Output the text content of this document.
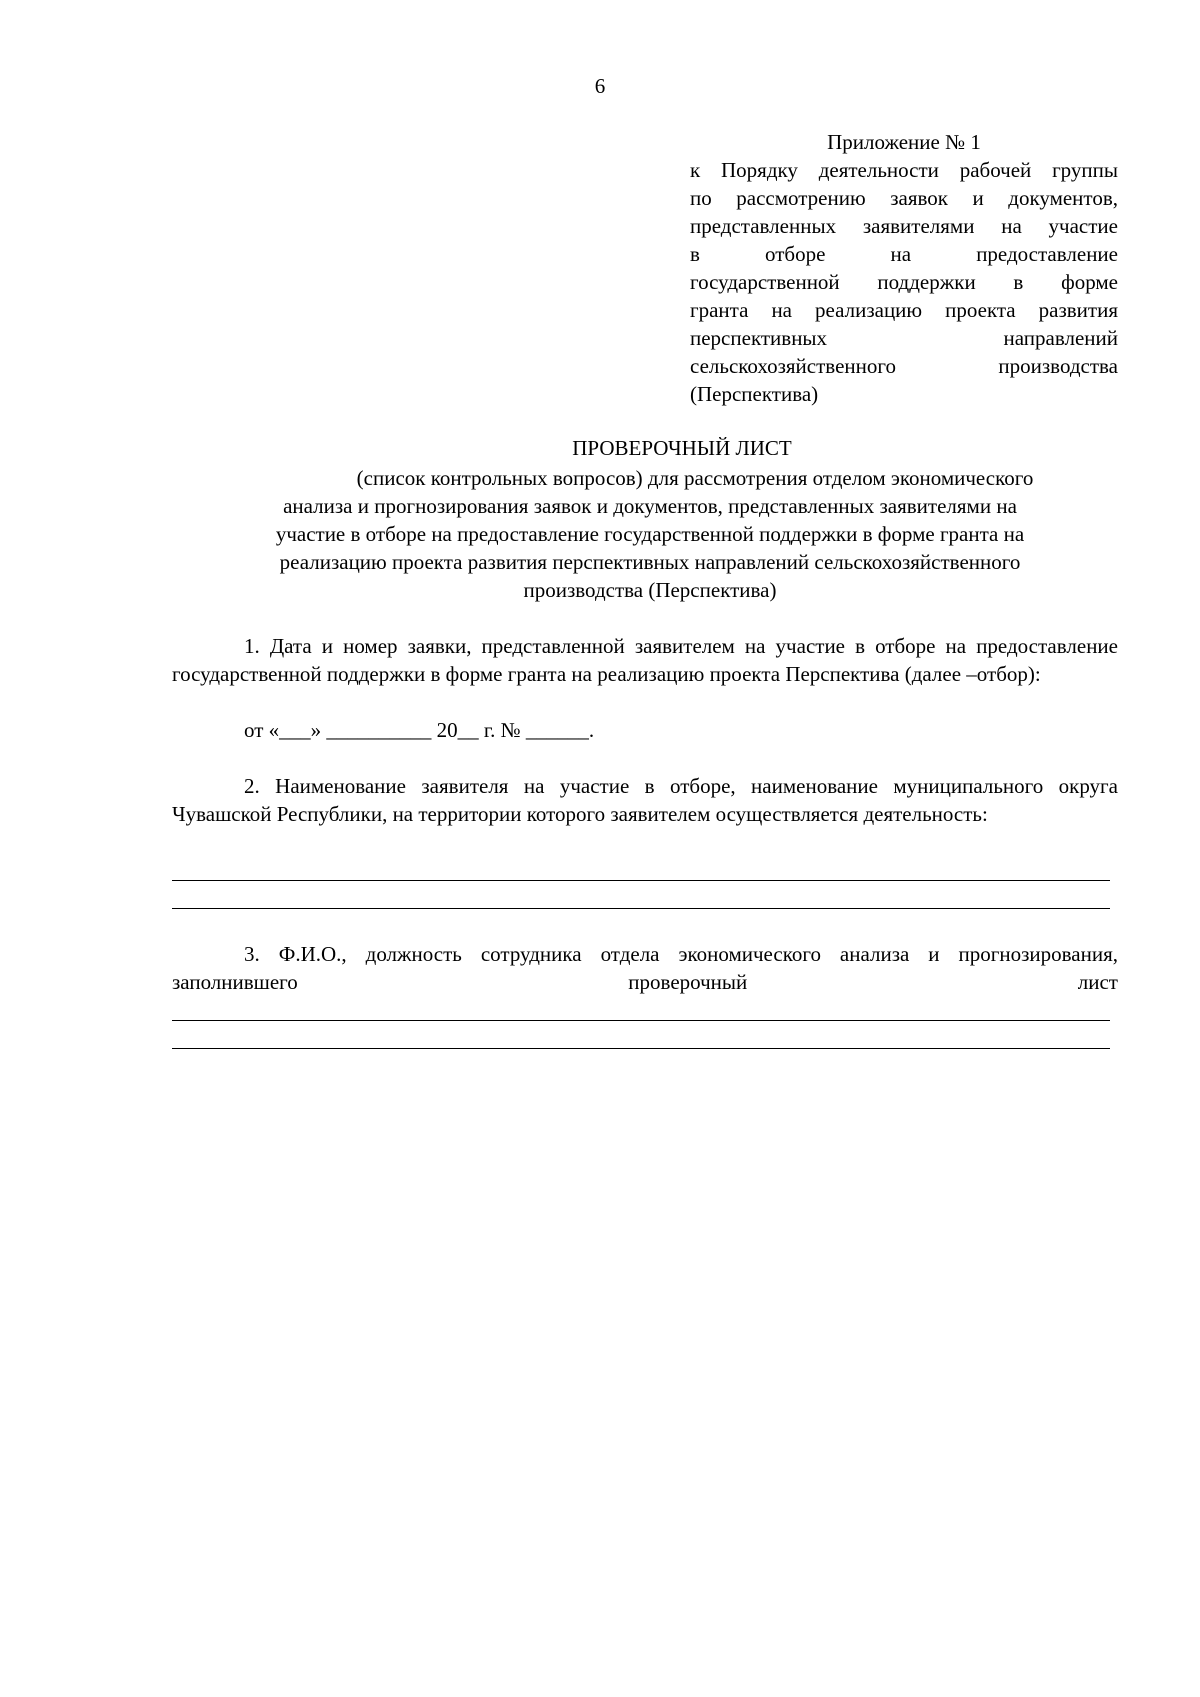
6
Приложение № 1
к Порядку деятельности рабочей группы
по рассмотрению заявок и документов,
представленных заявителями на участие
в отборе на предоставление
государственной поддержки в форме
гранта на реализацию проекта развития
перспективных направлений
сельскохозяйственного производства
(Перспектива)
ПРОВЕРОЧНЫЙ ЛИСТ
(список контрольных вопросов) для рассмотрения отделом экономического
анализа и прогнозирования заявок и документов, представленных заявителями на
участие в отборе на предоставление государственной поддержки в форме гранта на
реализацию проекта развития перспективных направлений сельскохозяйственного
производства (Перспектива)
1. Дата и номер заявки, представленной заявителем на участие в отборе на предоставление государственной поддержки в форме гранта на реализацию проекта Перспектива (далее –отбор):
от «___» __________ 20__ г. № ______.
2. Наименование заявителя на участие в отборе, наименование муниципального округа Чувашской Республики, на территории которого заявителем осуществляется деятельность:
3. Ф.И.О., должность сотрудника отдела экономического анализа и прогнозирования, заполнившего проверочный лист
